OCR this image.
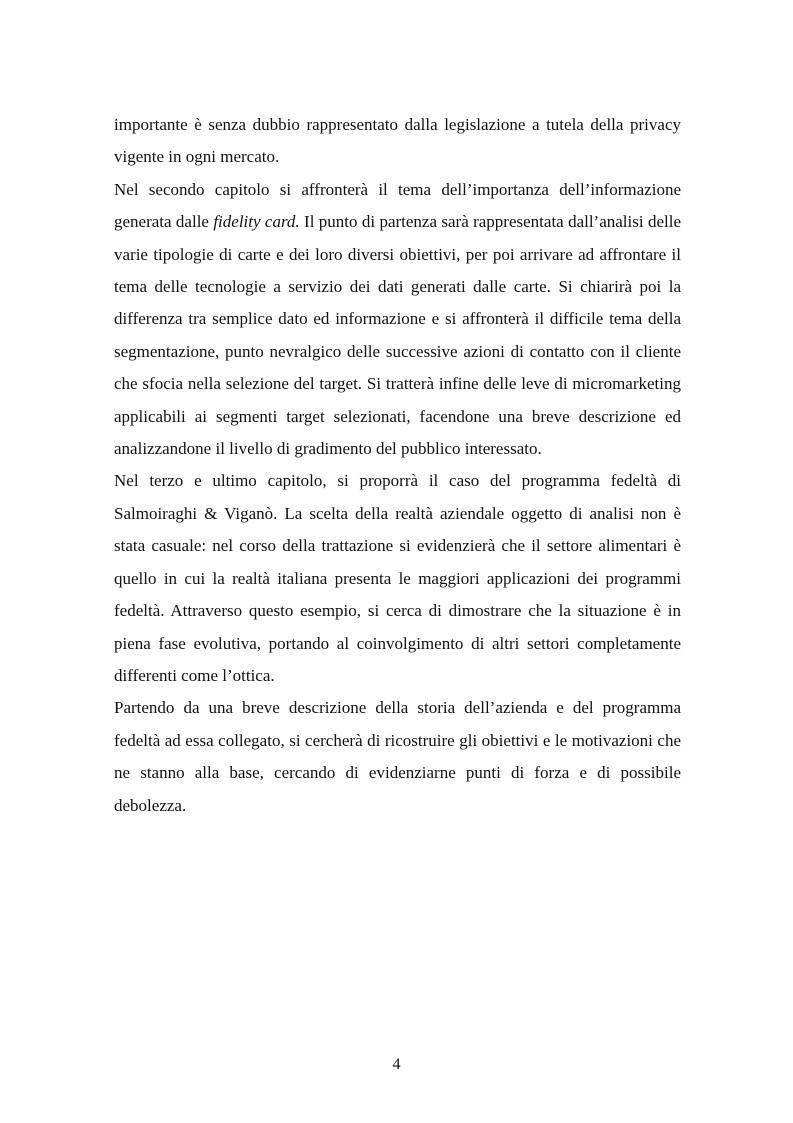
importante è senza dubbio rappresentato dalla legislazione a tutela della privacy vigente in ogni mercato.

Nel secondo capitolo si affronterà il tema dell’importanza dell’informazione generata dalle fidelity card. Il punto di partenza sarà rappresentata dall’analisi delle varie tipologie di carte e dei loro diversi obiettivi, per poi arrivare ad affrontare il tema delle tecnologie a servizio dei dati generati dalle carte. Si chiarirà poi la differenza tra semplice dato ed informazione e si affronterà il difficile tema della segmentazione, punto nevralgico delle successive azioni di contatto con il cliente che sfocia nella selezione del target. Si tratterà infine delle leve di micromarketing applicabili ai segmenti target selezionati, facendone una breve descrizione ed analizzandone il livello di gradimento del pubblico interessato.

Nel terzo e ultimo capitolo, si proporrà il caso del programma fedeltà di Salmoiraghi & Viganò. La scelta della realtà aziendale oggetto di analisi non è stata casuale: nel corso della trattazione si evidenzierà che il settore alimentari è quello in cui la realtà italiana presenta le maggiori applicazioni dei programmi fedeltà. Attraverso questo esempio, si cerca di dimostrare che la situazione è in piena fase evolutiva, portando al coinvolgimento di altri settori completamente differenti come l’ottica.

Partendo da una breve descrizione della storia dell’azienda e del programma fedeltà ad essa collegato, si cercherà di ricostruire gli obiettivi e le motivazioni che ne stanno alla base, cercando di evidenziarne punti di forza e di possibile debolezza.

4
